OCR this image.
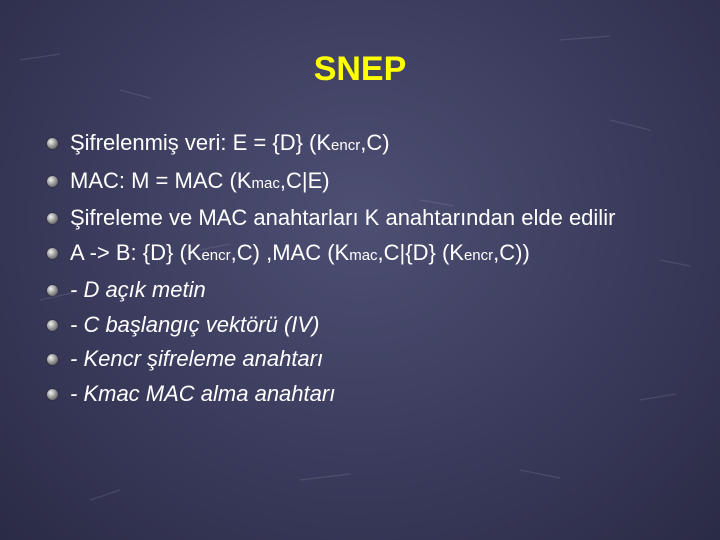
SNEP
Şifrelenmiş veri: E = {D} (Kencr,C)
MAC: M = MAC (Kmac,C|E)
Şifreleme ve MAC anahtarları K anahtarından elde edilir
A -> B: {D} (Kencr,C) ,MAC (Kmac,C|{D} (Kencr,C))
- D açık metin
- C başlangıç vektörü (IV)
- Kencr şifreleme anahtarı
- Kmac MAC alma anahtarı
